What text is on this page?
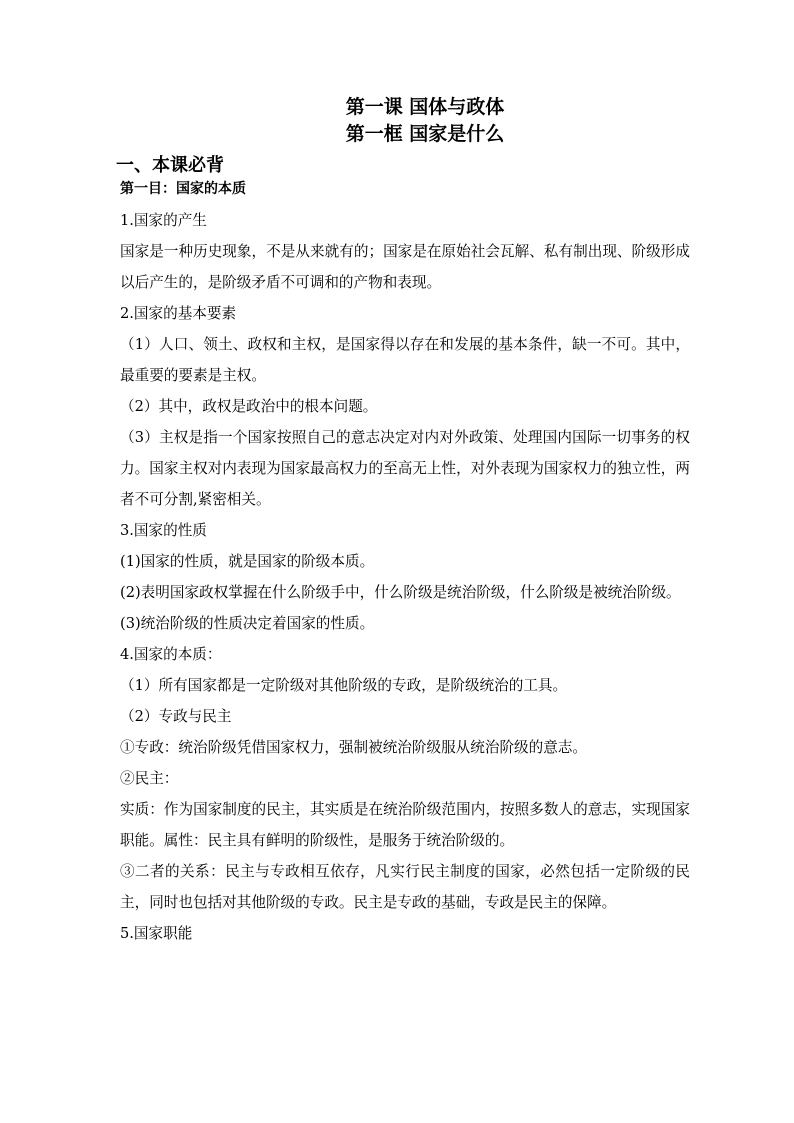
第一课 国体与政体
第一框 国家是什么
一、本课必背
第一目：国家的本质

1.国家的产生

国家是一种历史现象，不是从来就有的；国家是在原始社会瓦解、私有制出现、阶级形成以后产生的，是阶级矛盾不可调和的产物和表现。

2.国家的基本要素

（1）人口、领土、政权和主权，是国家得以存在和发展的基本条件，缺一不可。其中，最重要的要素是主权。

（2）其中，政权是政治中的根本问题。

（3）主权是指一个国家按照自己的意志决定对内对外政策、处理国内国际一切事务的权力。国家主权对内表现为国家最高权力的至高无上性，对外表现为国家权力的独立性，两者不可分割,紧密相关。

3.国家的性质

(1)国家的性质，就是国家的阶级本质。

(2)表明国家政权掌握在什么阶级手中，什么阶级是统治阶级，什么阶级是被统治阶级。

(3)统治阶级的性质决定着国家的性质。

4.国家的本质：

（1）所有国家都是一定阶级对其他阶级的专政，是阶级统治的工具。

（2）专政与民主

①专政：统治阶级凭借国家权力，强制被统治阶级服从统治阶级的意志。

②民主：

实质：作为国家制度的民主，其实质是在统治阶级范围内，按照多数人的意志，实现国家职能。属性：民主具有鲜明的阶级性，是服务于统治阶级的。

③二者的关系：民主与专政相互依存，凡实行民主制度的国家，必然包括一定阶级的民主，同时也包括对其他阶级的专政。民主是专政的基础，专政是民主的保障。

5.国家职能
